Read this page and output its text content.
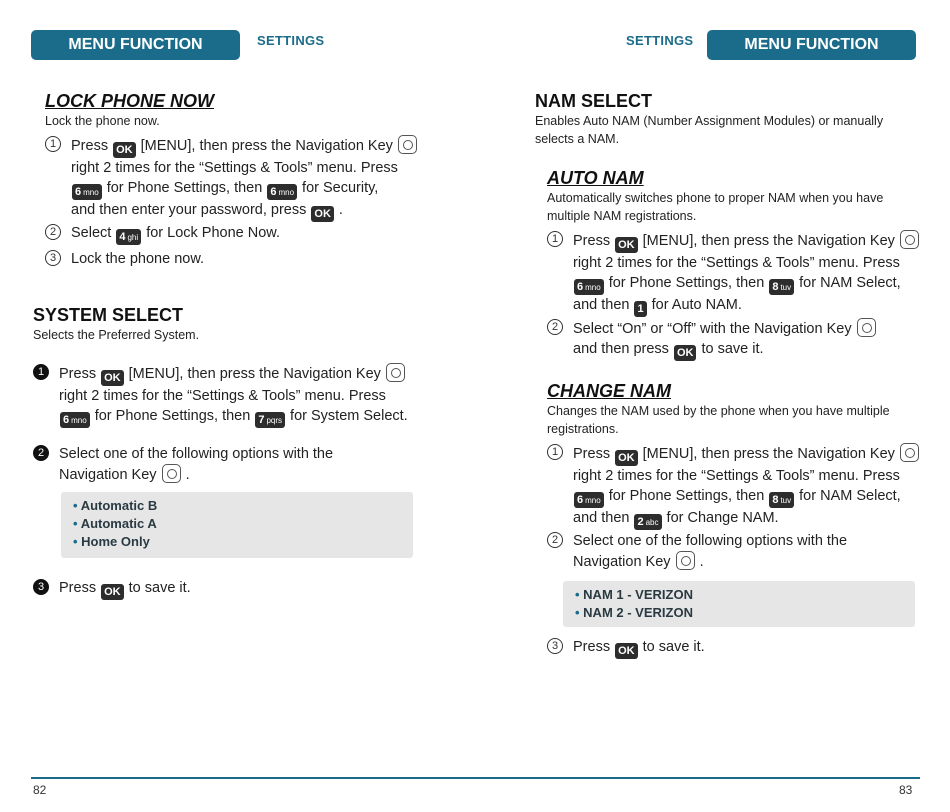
MENU FUNCTION	SETTINGS	SETTINGS	MENU FUNCTION
LOCK PHONE NOW
Lock the phone now.
1	Press OK [MENU], then press the Navigation Key
right 2 times for the “Settings & Tools” menu. Press
6 mno for Phone Settings, then 6 mno for Security,
and then enter your password, press OK .
2	Select 4 ghi for Lock Phone Now.
3	Lock the phone now.
SYSTEM SELECT
Selects the Preferred System.
1	Press OK [MENU], then press the Navigation Key
right 2 times for the “Settings & Tools” menu. Press
6 mno for Phone Settings, then 7 pqrs for System Select.
2	Select one of the following options with the
Navigation Key .
• Automatic B
• Automatic A
• Home Only
3	Press OK to save it.
NAM SELECT
Enables Auto NAM (Number Assignment Modules) or manually
selects a NAM.
AUTO NAM
Automatically switches phone to proper NAM when you have
multiple NAM registrations.
1	Press OK [MENU], then press the Navigation Key
right 2 times for the “Settings & Tools” menu. Press
6 mno for Phone Settings, then 8 tuv for NAM Select,
and then 1 for Auto NAM.
2	Select “On” or “Off” with the Navigation Key
and then press OK to save it.
CHANGE NAM
Changes the NAM used by the phone when you have multiple
registrations.
1	Press OK [MENU], then press the Navigation Key
right 2 times for the “Settings & Tools” menu. Press
6 mno for Phone Settings, then 8 tuv for NAM Select,
and then 2 abc for Change NAM.
2	Select one of the following options with the
Navigation Key .
• NAM 1 - VERIZON
• NAM 2 - VERIZON
3	Press OK to save it.
82	83
